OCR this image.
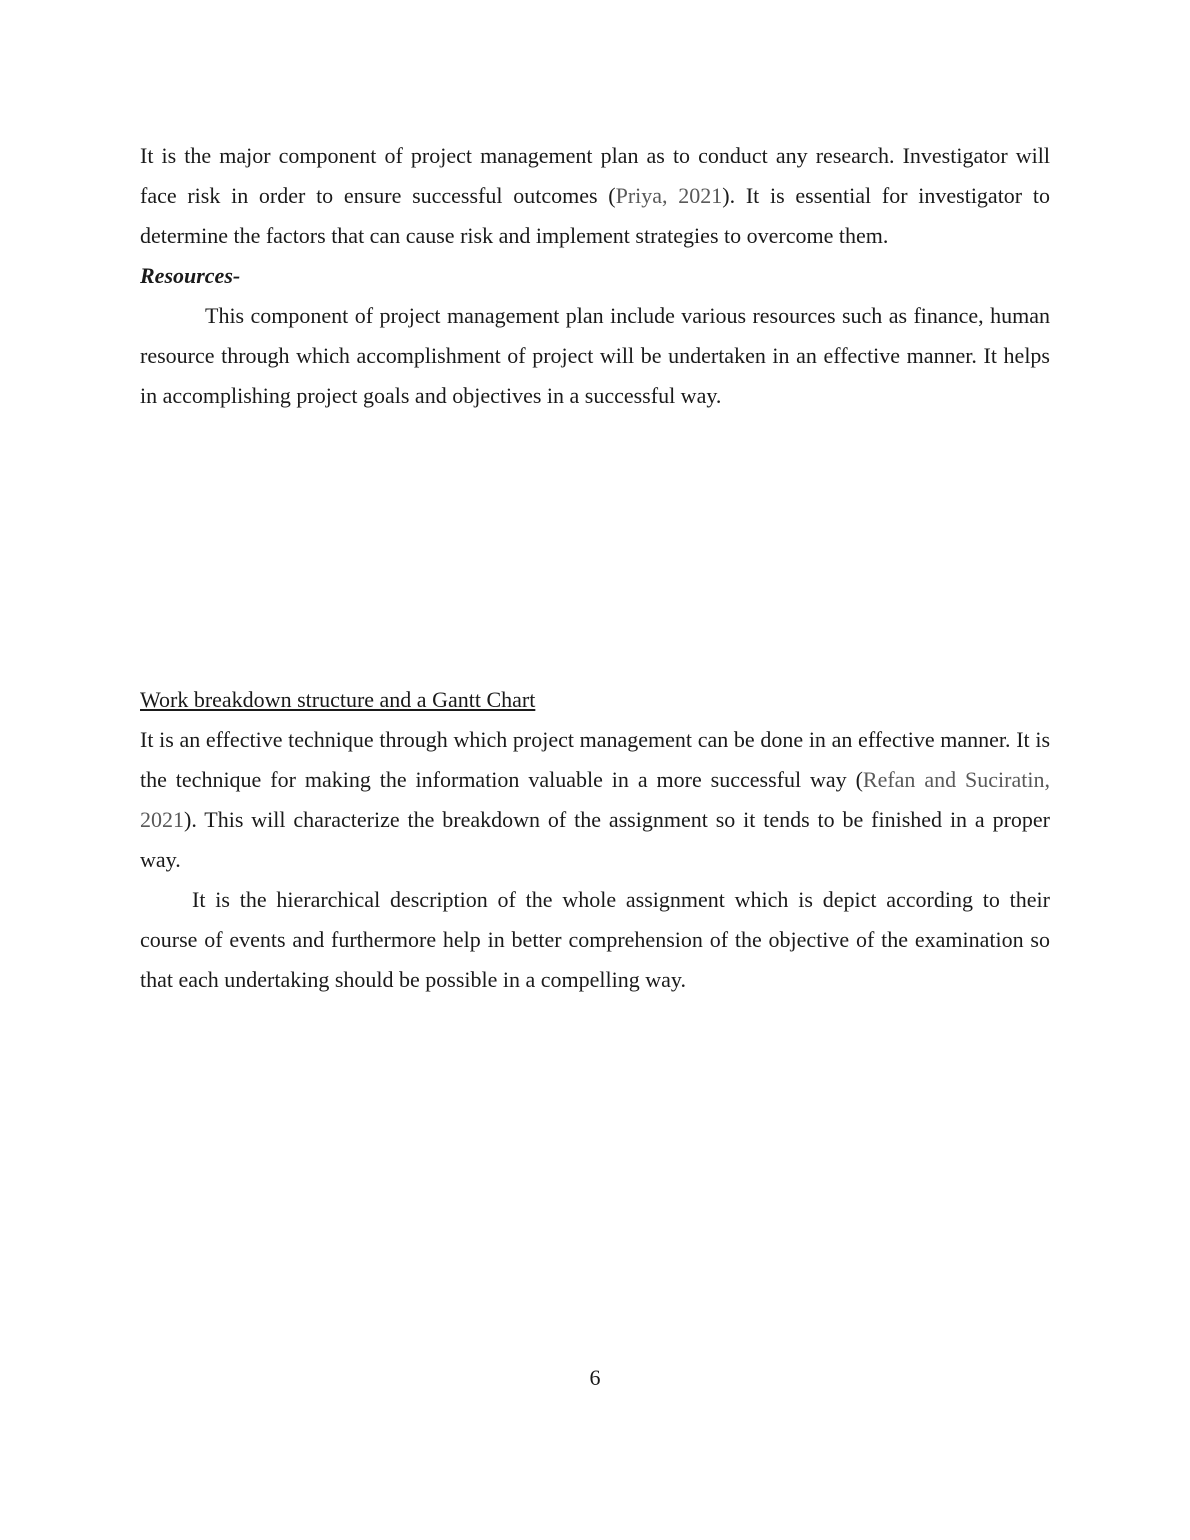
It is the major component of project management plan as to conduct any research. Investigator will face risk in order to ensure successful outcomes (Priya, 2021). It is essential for investigator to determine the factors that can cause risk and implement strategies to overcome them.

Resources-

This component of project management plan include various resources such as finance, human resource through which accomplishment of project will be undertaken in an effective manner. It helps in accomplishing project goals and objectives in a successful way.

Work breakdown structure and a Gantt Chart

It is an effective technique through which project management can be done in an effective manner. It is the technique for making the information valuable in a more successful way (Refan and Suciratin, 2021). This will characterize the breakdown of the assignment so it tends to be finished in a proper way.

It is the hierarchical description of the whole assignment which is depict according to their course of events and furthermore help in better comprehension of the objective of the examination so that each undertaking should be possible in a compelling way.

6
